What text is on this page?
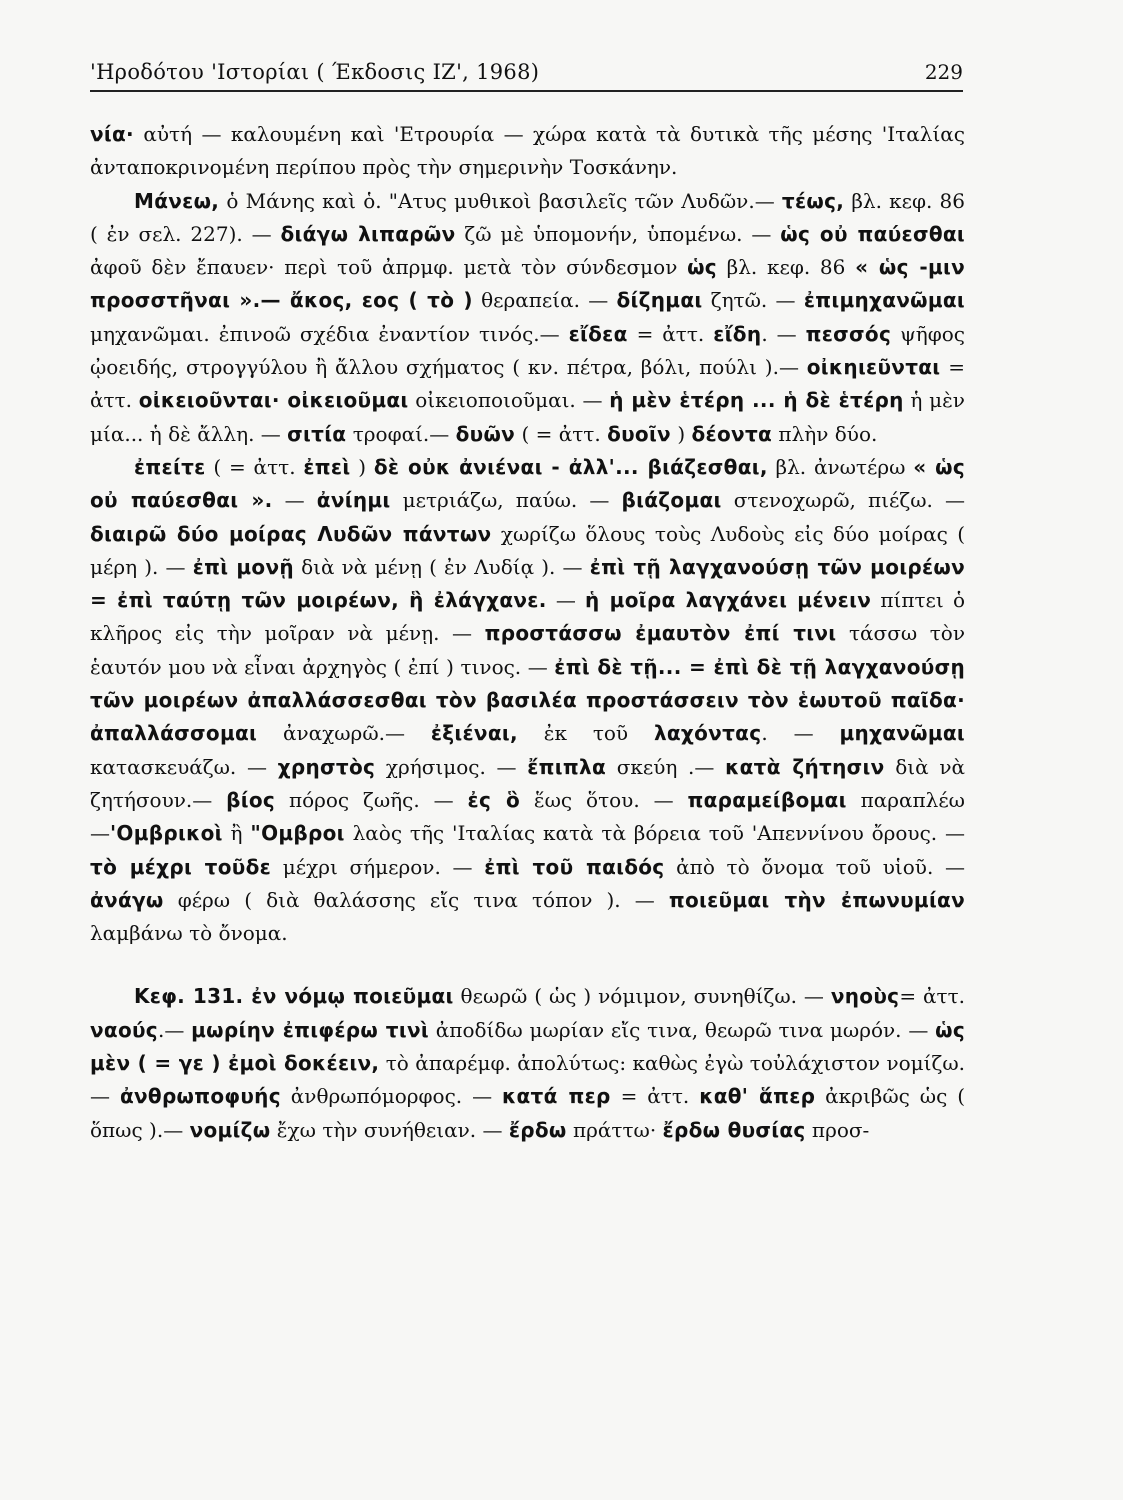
'Ηροδότου 'Ιστορίαι ( Έκδοσις ΙΖ', 1968)	229

νία· αὐτή — καλουμένη καὶ 'Ετρουρία — χώρα κατὰ τὰ δυτικὰ τῆς μέσης 'Ιταλίας ἀνταποκρινομένη περίπου πρὸς τὴν σημερινὴν Τοσκάνην.

Μάνεω, ὁ Μάνης καὶ ὁ. "Ατυς μυθικοὶ βασιλεῖς τῶν Λυδῶν.— τέως, βλ. κεφ. 86 ( ἐν σελ. 227). — διάγω λιπαρῶν ζῶ μὲ ὑπομονήν, ὑπομένω. — ὡς οὐ παύεσθαι ἀφοῦ δὲν ἔπαυεν· περὶ τοῦ ἀπρμφ. μετὰ τὸν σύνδεσμον ὡς βλ. κεφ. 86 « ὡς -μιν προσστῆναι ».— ἄκος, εος ( τὸ ) θεραπεία. — δίζημαι ζητῶ. — ἐπιμηχανῶμαι μηχανῶμαι. ἐπινοῶ σχέδια ἐναντίον τινός.— εἴδεα = ἀττ. εἴδη. — πεσσός ψῆφος ᾠοειδής, στρογγύλου ἢ ἄλλου σχήματος ( κν. πέτρα, βόλι, πούλι ).— οἰκηιεῦνται = ἀττ. οἰκειοῦνται· οἰκειοῦμαι οἰκειοποιοῦμαι. — ἡ μὲν ἑτέρη ... ἡ δὲ ἑτέρη ἡ μὲν μία... ἡ δὲ ἄλλη. — σιτία τροφαί.— δυῶν ( = ἀττ. δυοῖν ) δέοντα πλὴν δύο.

ἐπείτε ( = ἀττ. ἐπεὶ ) δὲ οὐκ ἀνιέναι - ἀλλ'... βιάζεσθαι, βλ. ἀνωτέρω « ὡς οὐ παύεσθαι ». — ἀνίημι μετριάζω, παύω. — βιάζομαι στενοχωρῶ, πιέζω. — διαιρῶ δύο μοίρας Λυδῶν πάντων χωρίζω ὅλους τοὺς Λυδοὺς εἰς δύο μοίρας ( μέρη ). — ἐπὶ μονῇ διὰ νὰ μένῃ ( ἐν Λυδίᾳ ). — ἐπὶ τῇ λαγχανούσῃ τῶν μοιρέων = ἐπὶ ταύτῃ τῶν μοιρέων, ἣ ἐλάγχανε. — ἡ μοῖρα λαγχάνει μένειν πίπτει ὁ κλῆρος εἰς τὴν μοῖραν νὰ μένῃ. — προστάσσω ἐμαυτὸν ἐπί τινι τάσσω τὸν ἑαυτόν μου νὰ εἶναι ἀρχηγὸς ( ἐπί ) τινος. — ἐπὶ δὲ τῇ... = ἐπὶ δὲ τῇ λαγχανούσῃ τῶν μοιρέων ἀπαλλάσσεσθαι τὸν βασιλέα προστάσσειν τὸν ἑωυτοῦ παῖδα· ἀπαλλάσσομαι ἀναχωρῶ.— ἐξιέναι, ἐκ τοῦ λαχόντας. — μηχανῶμαι κατασκευάζω. — χρηστὸς χρήσιμος. — ἔπιπλα σκεύη .— κατὰ ζήτησιν διὰ νὰ ζητήσουν.— βίος πόρος ζωῆς. — ἐς ὃ ἕως ὅτου. — παραμείβομαι παραπλέω —'Ομβρικοὶ ἢ "Ομβροι λαὸς τῆς 'Ιταλίας κατὰ τὰ βόρεια τοῦ 'Απεννίνου ὄρους. — τὸ μέχρι τοῦδε μέχρι σήμερον. — ἐπὶ τοῦ παιδός ἀπὸ τὸ ὄνομα τοῦ υἱοῦ. — ἀνάγω φέρω ( διὰ θαλάσσης εἴς τινα τόπον ). — ποιεῦμαι τὴν ἐπωνυμίαν λαμβάνω τὸ ὄνομα.

Κεφ. 131. ἐν νόμῳ ποιεῦμαι θεωρῶ ( ὡς ) νόμιμον, συνηθίζω. — νηοὺς= ἀττ. ναούς.— μωρίην ἐπιφέρω τινὶ ἀποδίδω μωρίαν εἴς τινα, θεωρῶ τινα μωρόν. — ὡς μὲν ( = γε ) ἐμοὶ δοκέειν, τὸ ἀπαρέμφ. ἀπολύτως: καθὼς ἐγὼ τοὐλάχιστον νομίζω. — ἀνθρωποφυής ἀνθρωπόμορφος. — κατά περ = ἀττ. καθ' ἅπερ ἀκριβῶς ὡς ( ὅπως ).— νομίζω ἔχω τὴν συνήθειαν. — ἔρδω πράττω· ἔρδω θυσίας προσ-
